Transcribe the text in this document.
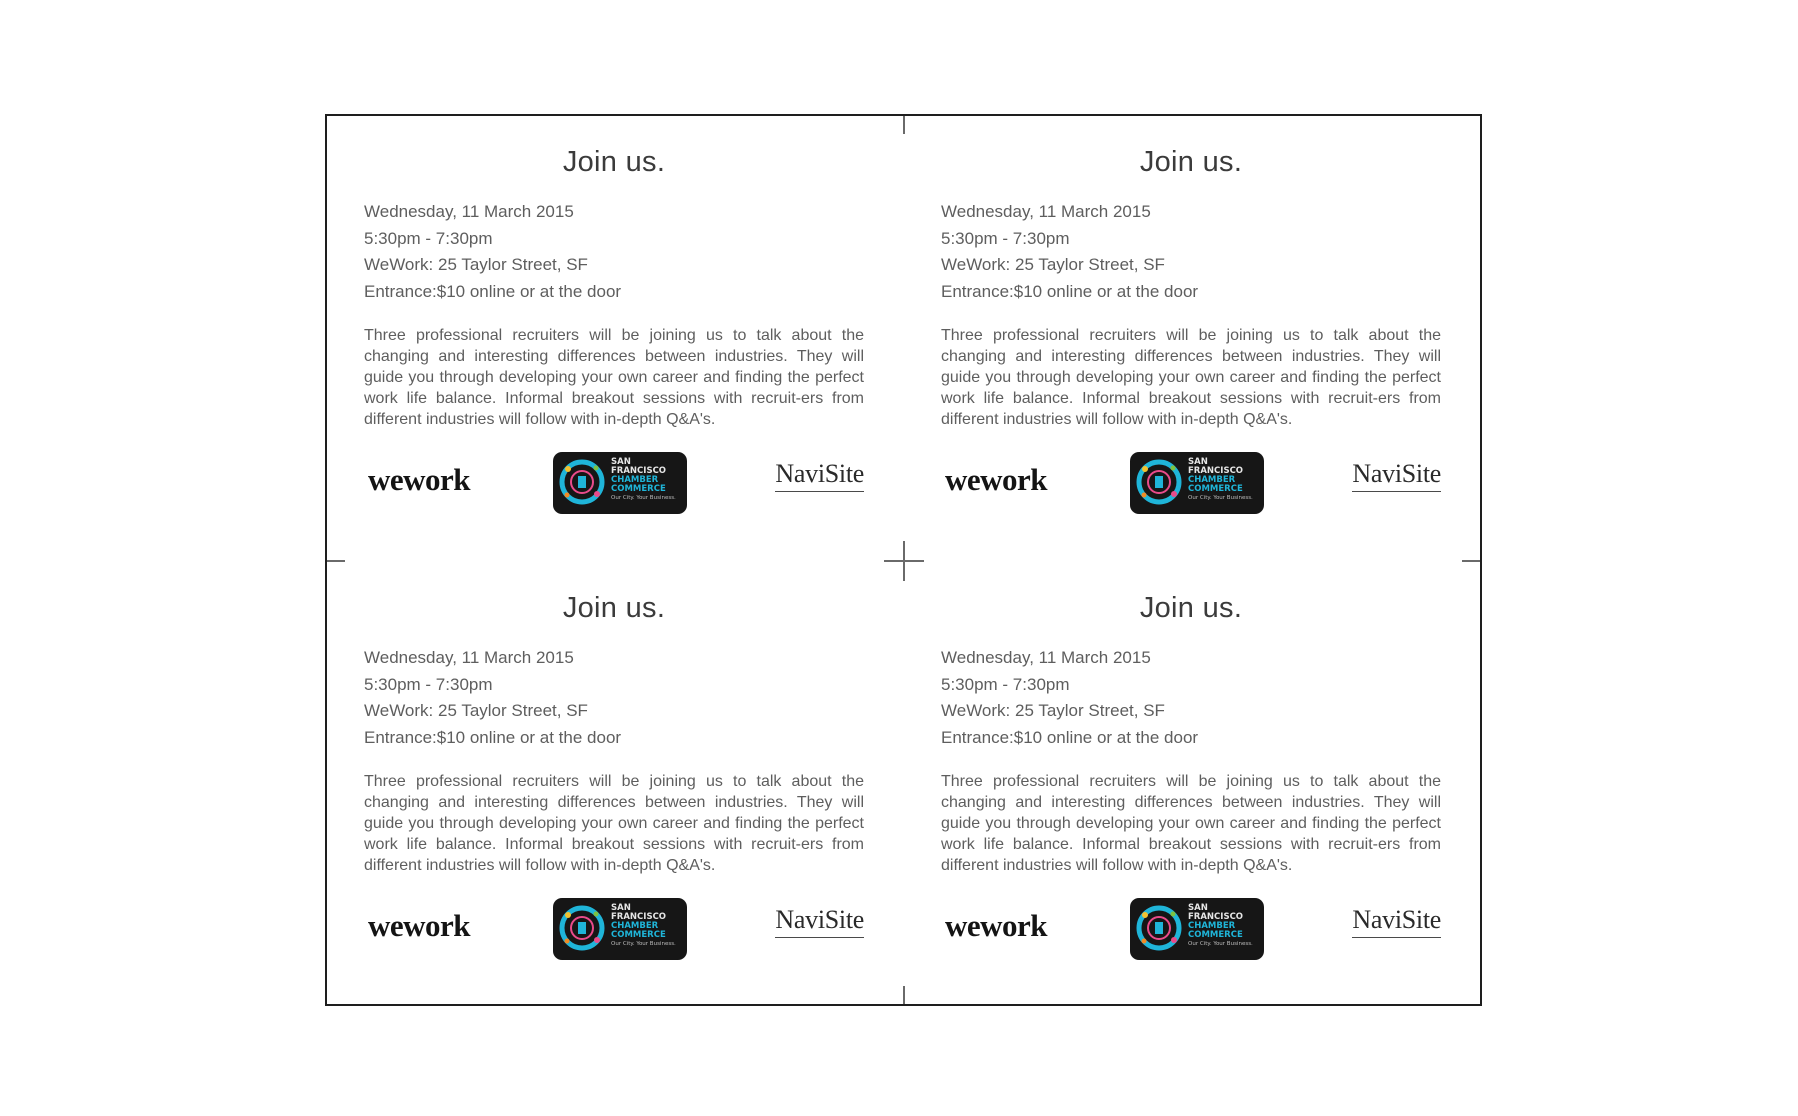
Join us.
Wednesday, 11 March 2015
5:30pm - 7:30pm
WeWork: 25 Taylor Street, SF
Entrance:$10 online or at the door
Three professional recruiters will be joining us to talk about the changing and interesting differences between industries. They will guide you through developing your own career and finding the perfect work life balance. Informal breakout sessions with recruit-ers from different industries will follow with in-depth Q&A's.
wework	SAN
FRANCISCO
CHAMBER
COMMERCE
Our City. Your Business.
NaviSite
Join us.
Wednesday, 11 March 2015
5:30pm - 7:30pm
WeWork: 25 Taylor Street, SF
Entrance:$10 online or at the door
Three professional recruiters will be joining us to talk about the changing and interesting differences between industries. They will guide you through developing your own career and finding the perfect work life balance. Informal breakout sessions with recruit-ers from different industries will follow with in-depth Q&A's.
wework	SAN
FRANCISCO
CHAMBER
COMMERCE
Our City. Your Business.
NaviSite
Join us.
Wednesday, 11 March 2015
5:30pm - 7:30pm
WeWork: 25 Taylor Street, SF
Entrance:$10 online or at the door
Three professional recruiters will be joining us to talk about the changing and interesting differences between industries. They will guide you through developing your own career and finding the perfect work life balance. Informal breakout sessions with recruit-ers from different industries will follow with in-depth Q&A's.
wework	SAN
FRANCISCO
CHAMBER
COMMERCE
Our City. Your Business.
NaviSite
Join us.
Wednesday, 11 March 2015
5:30pm - 7:30pm
WeWork: 25 Taylor Street, SF
Entrance:$10 online or at the door
Three professional recruiters will be joining us to talk about the changing and interesting differences between industries. They will guide you through developing your own career and finding the perfect work life balance. Informal breakout sessions with recruit-ers from different industries will follow with in-depth Q&A's.
wework	SAN
FRANCISCO
CHAMBER
COMMERCE
Our City. Your Business.
NaviSite
